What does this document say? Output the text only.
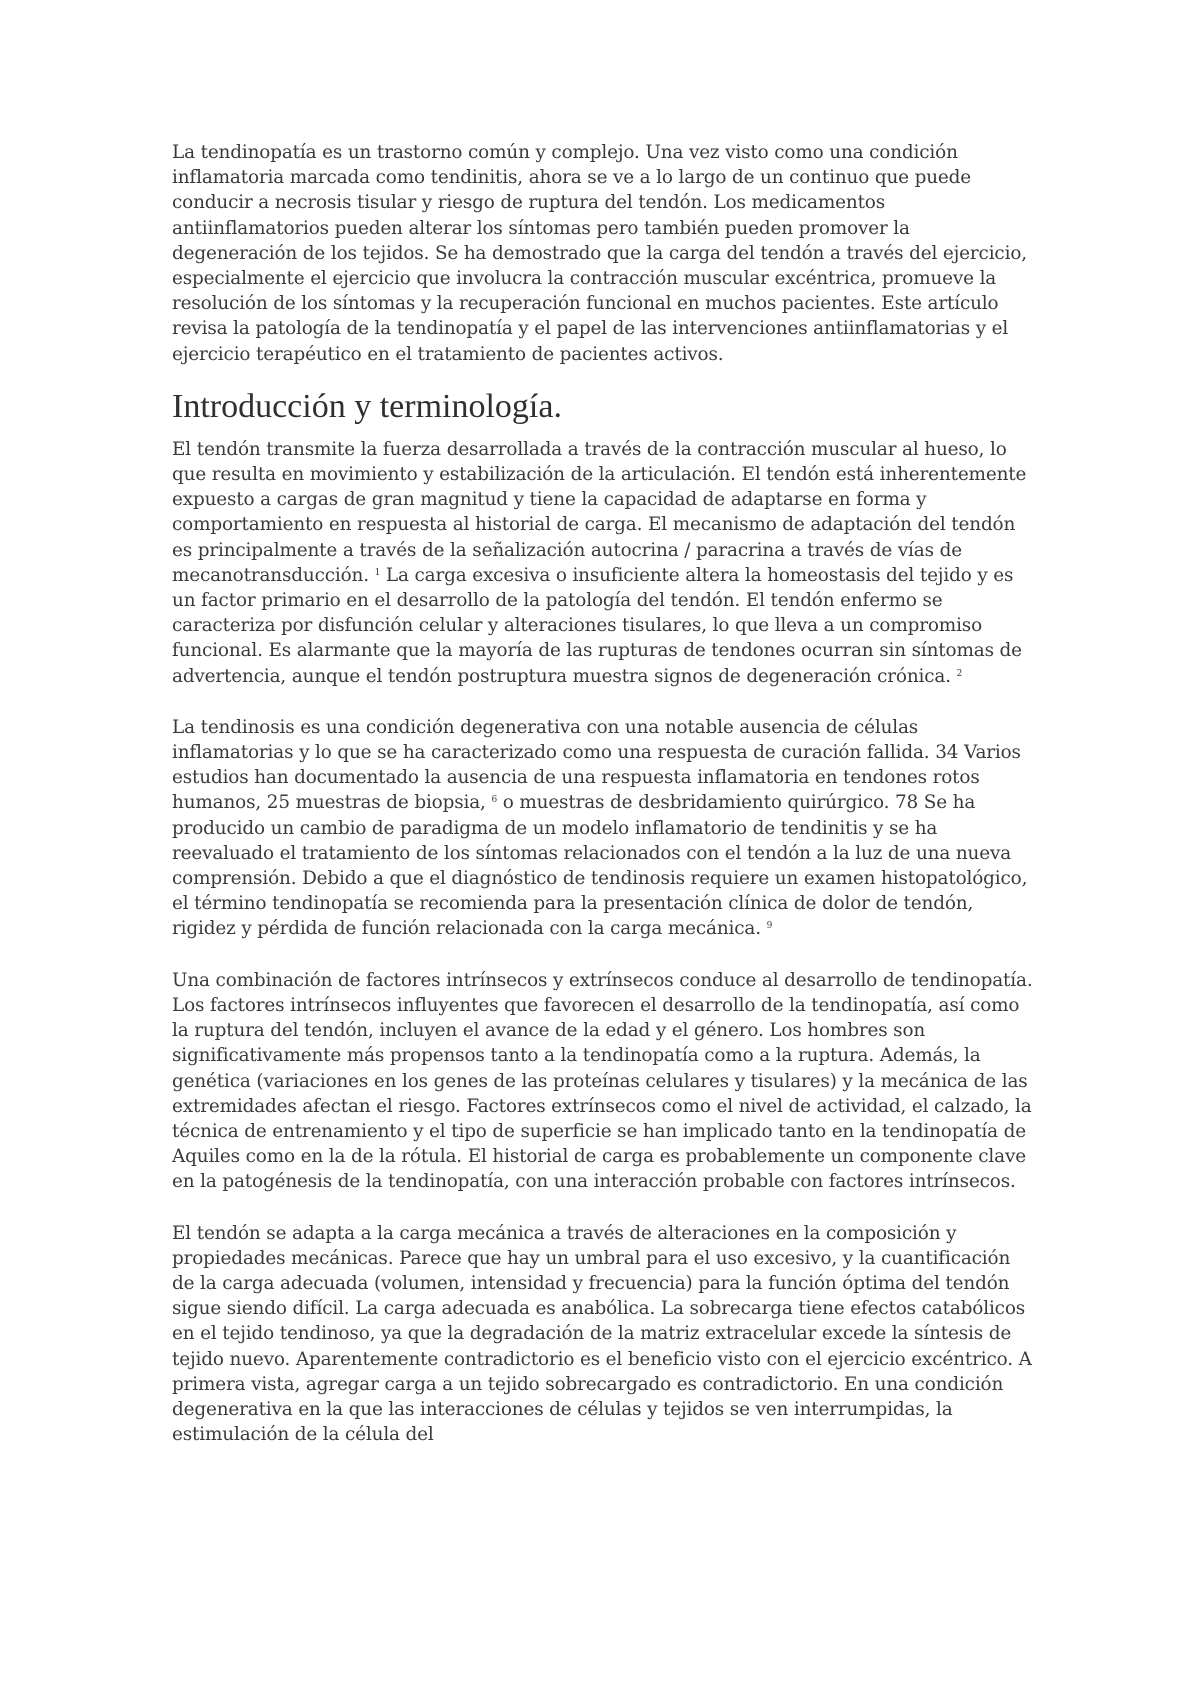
La tendinopatía es un trastorno común y complejo. Una vez visto como una condición inflamatoria marcada como tendinitis, ahora se ve a lo largo de un continuo que puede conducir a necrosis tisular y riesgo de ruptura del tendón. Los medicamentos antiinflamatorios pueden alterar los síntomas pero también pueden promover la degeneración de los tejidos. Se ha demostrado que la carga del tendón a través del ejercicio, especialmente el ejercicio que involucra la contracción muscular excéntrica, promueve la resolución de los síntomas y la recuperación funcional en muchos pacientes. Este artículo revisa la patología de la tendinopatía y el papel de las intervenciones antiinflamatorias y el ejercicio terapéutico en el tratamiento de pacientes activos.

Introducción y terminología.

El tendón transmite la fuerza desarrollada a través de la contracción muscular al hueso, lo que resulta en movimiento y estabilización de la articulación. El tendón está inherentemente expuesto a cargas de gran magnitud y tiene la capacidad de adaptarse en forma y comportamiento en respuesta al historial de carga. El mecanismo de adaptación del tendón es principalmente a través de la señalización autocrina / paracrina a través de vías de mecanotransducción. $^1$ La carga excesiva o insuficiente altera la homeostasis del tejido y es un factor primario en el desarrollo de la patología del tendón. El tendón enfermo se caracteriza por disfunción celular y alteraciones tisulares, lo que lleva a un compromiso funcional. Es alarmante que la mayoría de las rupturas de tendones ocurran sin síntomas de advertencia, aunque el tendón postruptura muestra signos de degeneración crónica. $^2$

La tendinosis es una condición degenerativa con una notable ausencia de células inflamatorias y lo que se ha caracterizado como una respuesta de curación fallida. 34 Varios estudios han documentado la ausencia de una respuesta inflamatoria en tendones rotos humanos, 25 muestras de biopsia, $^6$ o muestras de desbridamiento quirúrgico. 78 Se ha producido un cambio de paradigma de un modelo inflamatorio de tendinitis y se ha reevaluado el tratamiento de los síntomas relacionados con el tendón a la luz de una nueva comprensión. Debido a que el diagnóstico de tendinosis requiere un examen histopatológico, el término tendinopatía se recomienda para la presentación clínica de dolor de tendón, rigidez y pérdida de función relacionada con la carga mecánica. $^9$

Una combinación de factores intrínsecos y extrínsecos conduce al desarrollo de tendinopatía. Los factores intrínsecos influyentes que favorecen el desarrollo de la tendinopatía, así como la ruptura del tendón, incluyen el avance de la edad y el género. Los hombres son significativamente más propensos tanto a la tendinopatía como a la ruptura. Además, la genética (variaciones en los genes de las proteínas celulares y tisulares) y la mecánica de las extremidades afectan el riesgo. Factores extrínsecos como el nivel de actividad, el calzado, la técnica de entrenamiento y el tipo de superficie se han implicado tanto en la tendinopatía de Aquiles como en la de la rótula. El historial de carga es probablemente un componente clave en la patogénesis de la tendinopatía, con una interacción probable con factores intrínsecos.

El tendón se adapta a la carga mecánica a través de alteraciones en la composición y propiedades mecánicas. Parece que hay un umbral para el uso excesivo, y la cuantificación de la carga adecuada (volumen, intensidad y frecuencia) para la función óptima del tendón sigue siendo difícil. La carga adecuada es anabólica. La sobrecarga tiene efectos catabólicos en el tejido tendinoso, ya que la degradación de la matriz extracelular excede la síntesis de tejido nuevo. Aparentemente contradictorio es el beneficio visto con el ejercicio excéntrico. A primera vista, agregar carga a un tejido sobrecargado es contradictorio. En una condición degenerativa en la que las interacciones de células y tejidos se ven interrumpidas, la estimulación de la célula del
